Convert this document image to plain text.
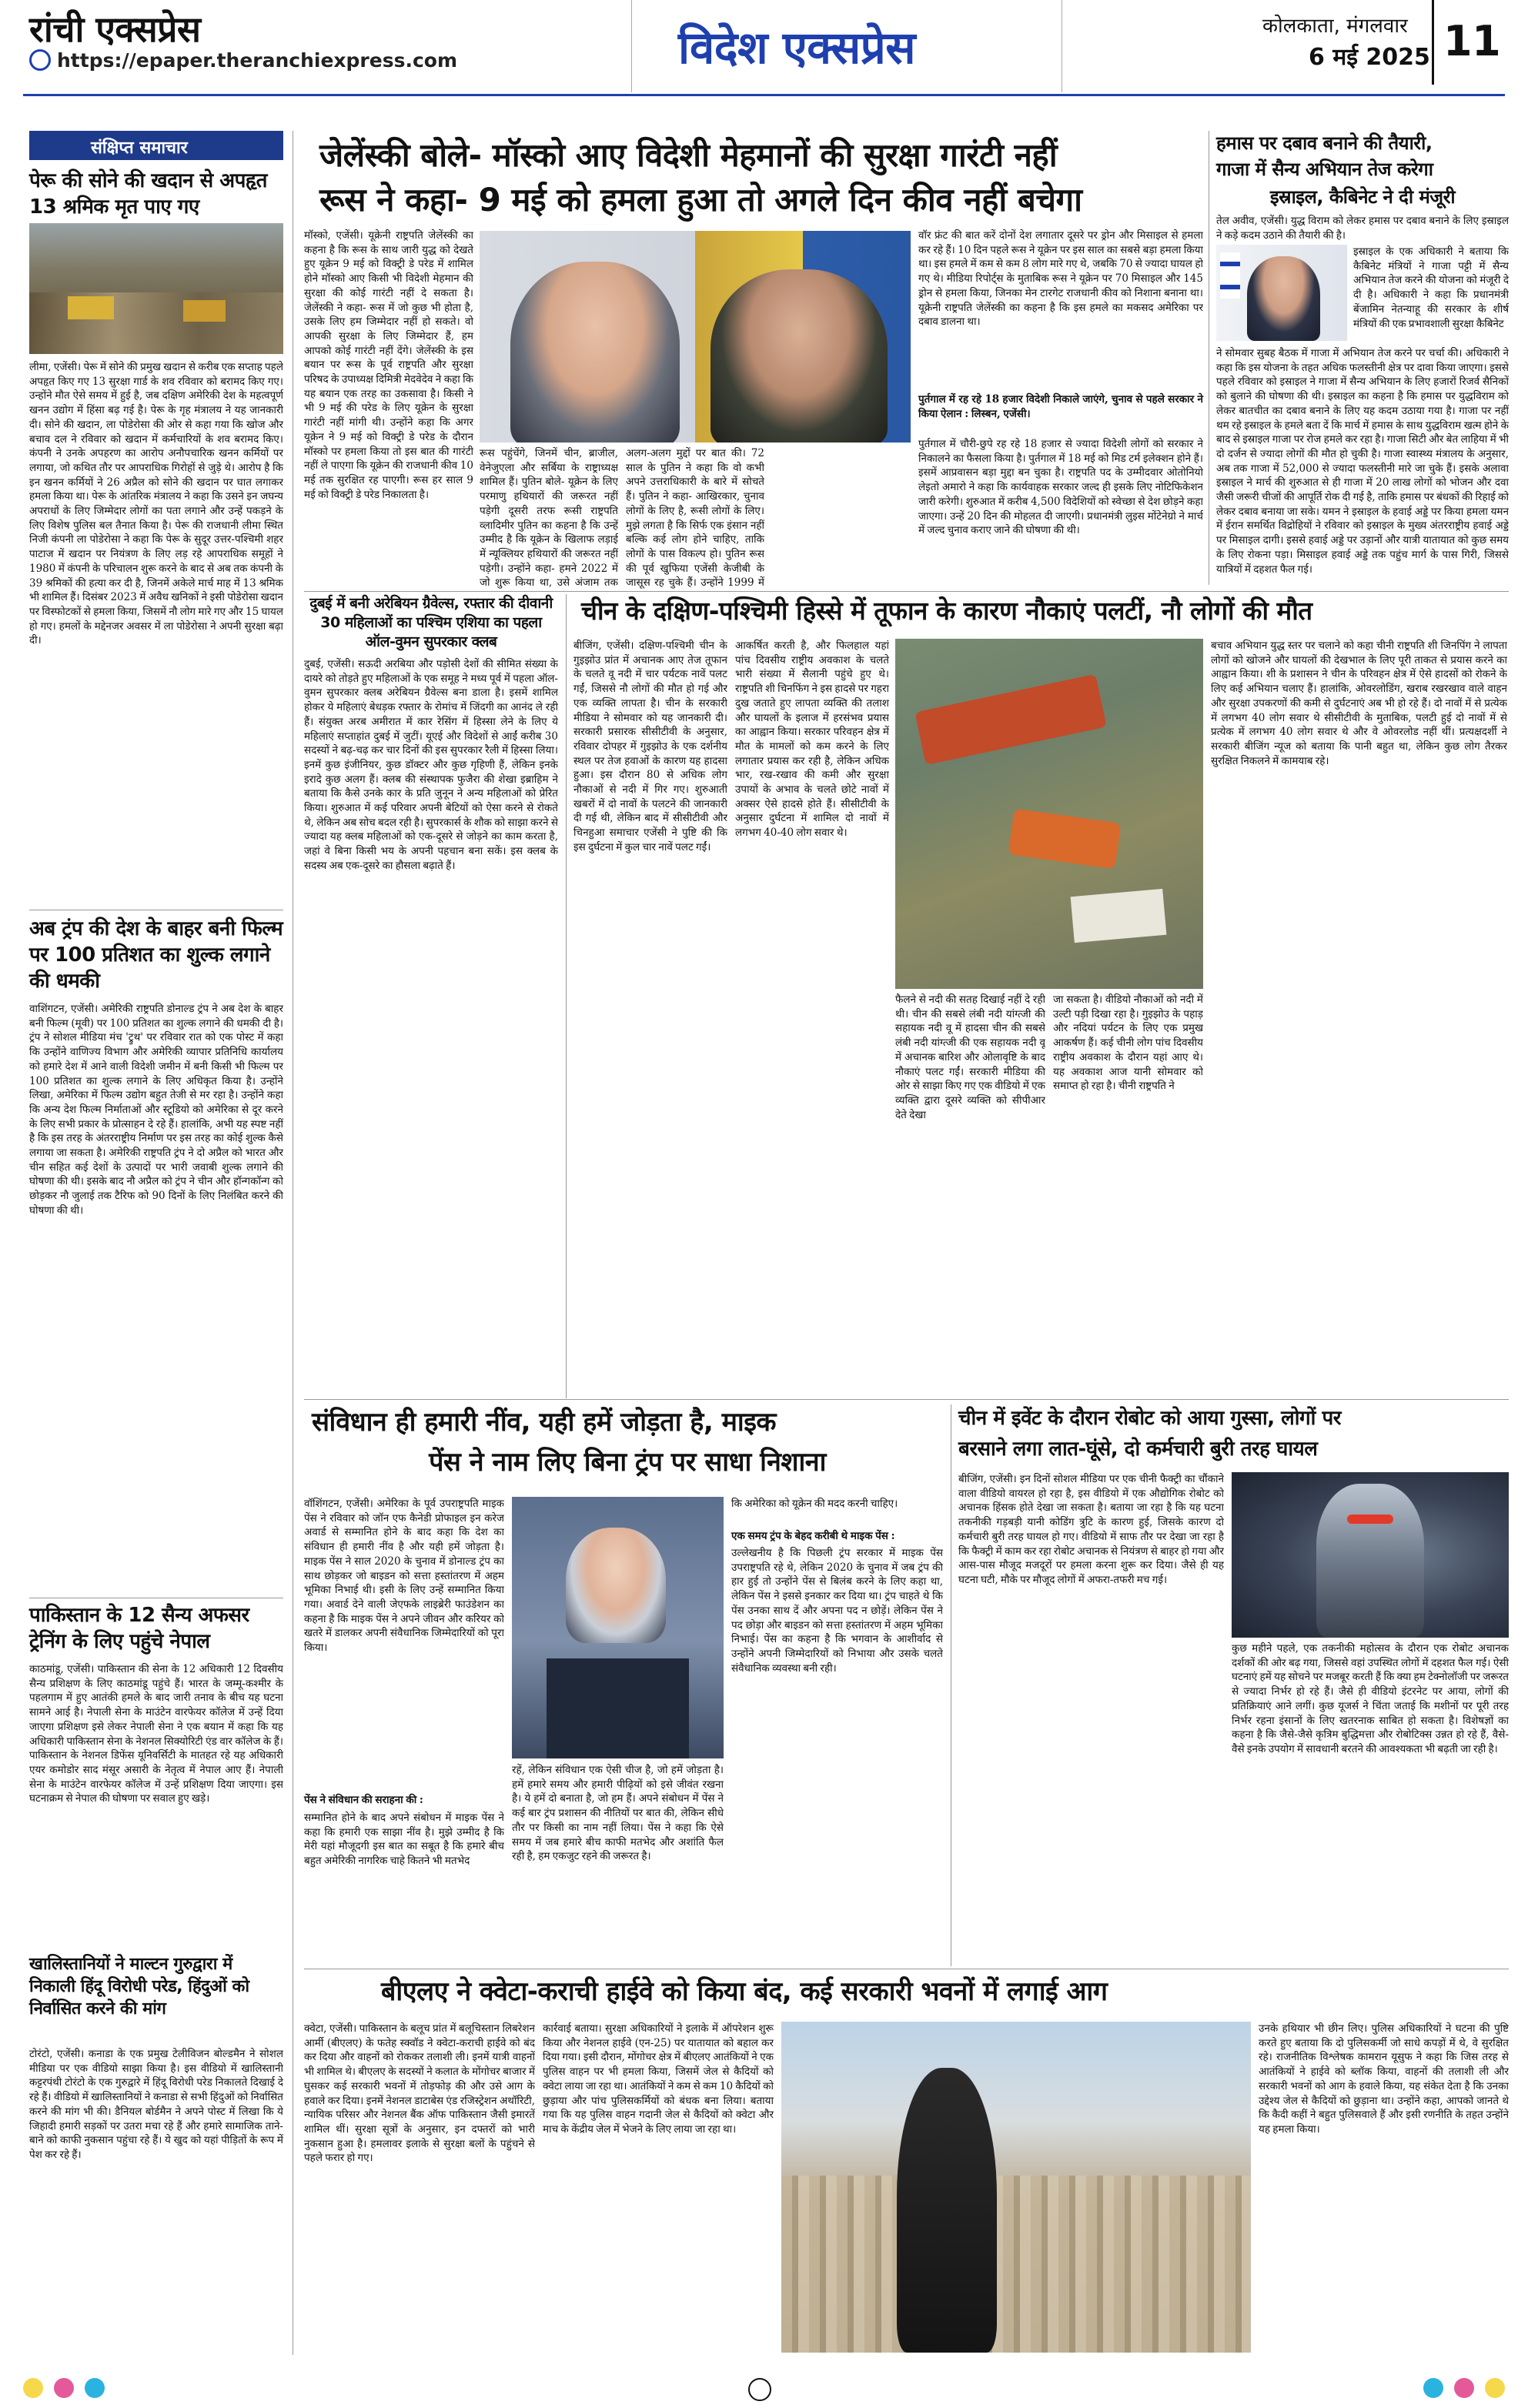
रांची एक्सप्रेस
https://epaper.theranchiexpress.com	विदेश एक्सप्रेस	कोलकाता, मंगलवार
6 मई 2025 11
संक्षिप्त समाचार
पेरू की सोने की खदान से अपहृत 13 श्रमिक मृत पाए गए
लीमा, एजेंसी। पेरू में सोने की प्रमुख खदान से करीब एक सप्ताह पहले अपहृत किए गए 13 सुरक्षा गार्ड के शव रविवार को बरामद किए गए। उन्होंने मौत ऐसे समय में हुई है, जब दक्षिण अमेरिकी देश के महत्वपूर्ण खनन उद्योग में हिंसा बढ़ गई है। पेरू के गृह मंत्रालय ने यह जानकारी दी। सोने की खदान, ला पोडेरोसा की ओर से कहा गया कि खोज और बचाव दल ने रविवार को खदान में कर्मचारियों के शव बरामद किए। कंपनी ने उनके अपहरण का आरोप अनौपचारिक खनन कर्मियों पर लगाया, जो कथित तौर पर आपराधिक गिरोहों से जुड़े थे। आरोप है कि इन खनन कर्मियों ने 26 अप्रैल को सोने की खदान पर घात लगाकर हमला किया था। पेरू के आंतरिक मंत्रालय ने कहा कि उसने इन जघन्य अपराधों के लिए जिम्मेदार लोगों का पता लगाने और उन्हें पकड़ने के लिए विशेष पुलिस बल तैनात किया है। पेरू की राजधानी लीमा स्थित निजी कंपनी ला पोडेरोसा ने कहा कि पेरू के सुदूर उत्तर-पश्चिमी शहर पाटाज में खदान पर नियंत्रण के लिए लड़ रहे आपराधिक समूहों ने 1980 में कंपनी के परिचालन शुरू करने के बाद से अब तक कंपनी के 39 श्रमिकों की हत्या कर दी है, जिनमें अकेले मार्च माह में 13 श्रमिक भी शामिल हैं। दिसंबर 2023 में अवैध खनिकों ने इसी पोडेरोसा खदान पर विस्फोटकों से हमला किया, जिसमें नौ लोग मारे गए और 15 घायल हो गए। हमलों के मद्देनजर अवसर में ला पोडेरोसा ने अपनी सुरक्षा बढ़ा दी।
अब ट्रंप की देश के बाहर बनी फिल्म पर 100 प्रतिशत का शुल्क लगाने की धमकी
वाशिंगटन, एजेंसी। अमेरिकी राष्ट्रपति डोनाल्ड ट्रंप ने अब देश के बाहर बनी फिल्म (मूवी) पर 100 प्रतिशत का शुल्क लगाने की धमकी दी है। ट्रंप ने सोशल मीडिया मंच 'ट्रुथ' पर रविवार रात को एक पोस्ट में कहा कि उन्होंने वाणिज्य विभाग और अमेरिकी व्यापार प्रतिनिधि कार्यालय को हमारे देश में आने वाली विदेशी जमीन में बनी किसी भी फिल्म पर 100 प्रतिशत का शुल्क लगाने के लिए अधिकृत किया है। उन्होंने लिखा, अमेरिका में फिल्म उद्योग बहुत तेजी से मर रहा है। उन्होंने कहा कि अन्य देश फिल्म निर्माताओं और स्टूडियो को अमेरिका से दूर करने के लिए सभी प्रकार के प्रोत्साहन दे रहे हैं। हालांकि, अभी यह स्पष्ट नहीं है कि इस तरह के अंतरराष्ट्रीय निर्माण पर इस तरह का कोई शुल्क कैसे लगाया जा सकता है। अमेरिकी राष्ट्रपति ट्रंप ने दो अप्रैल को भारत और चीन सहित कई देशों के उत्पादों पर भारी जवाबी शुल्क लगाने की घोषणा की थी। इसके बाद नौ अप्रैल को ट्रंप ने चीन और हॉन्गकॉन्ग को छोड़कर नौ जुलाई तक टैरिफ को 90 दिनों के लिए निलंबित करने की घोषणा की थी।
पाकिस्तान के 12 सैन्य अफसर ट्रेनिंग के लिए पहुंचे नेपाल
काठमांडू, एजेंसी। पाकिस्तान की सेना के 12 अधिकारी 12 दिवसीय सैन्य प्रशिक्षण के लिए काठमांडू पहुंचे हैं। भारत के जम्मू-कश्मीर के पहलगाम में हुए आतंकी हमले के बाद जारी तनाव के बीच यह घटना सामने आई है। नेपाली सेना के माउंटेन वारफेयर कॉलेज में उन्हें दिया जाएगा प्रशिक्षण इसे लेकर नेपाली सेना ने एक बयान में कहा कि यह अधिकारी पाकिस्तान सेना के नेशनल सिक्योरिटी एंड वार कॉलेज के हैं। पाकिस्तान के नेशनल डिफेंस यूनिवर्सिटी के मातहत रहे यह अधिकारी एयर कमोडोर साद मंसूर असारी के नेतृत्व में नेपाल आए हैं। नेपाली सेना के माउंटेन वारफेयर कॉलेज में उन्हें प्रशिक्षण दिया जाएगा। इस घटनाक्रम से नेपाल की घोषणा पर सवाल हुए खड़े।
खालिस्तानियों ने माल्टन गुरुद्वारा में निकाली हिंदू विरोधी परेड, हिंदुओं को निर्वासित करने की मांग
टोरंटो, एजेंसी। कनाडा के एक प्रमुख टेलीविजन बोल्डमैन ने सोशल मीडिया पर एक वीडियो साझा किया है। इस वीडियो में खालिस्तानी कट्टरपंथी टोरंटो के एक गुरुद्वारे में हिंदू विरोधी परेड निकालते दिखाई दे रहे हैं। वीडियो में खालिस्तानियों ने कनाडा से सभी हिंदुओं को निर्वासित करने की मांग भी की। डैनियल बोर्डमैन ने अपने पोस्ट में लिखा कि ये जिहादी हमारी सड़कों पर उतरा मचा रहे हैं और हमारे सामाजिक ताने-बाने को काफी नुकसान पहुंचा रहे हैं। ये खुद को यहां पीड़ितों के रूप में पेश कर रहे हैं।
जेलेंस्की बोले- मॉस्को आए विदेशी मेहमानों की सुरक्षा गारंटी नहीं
रूस ने कहा- 9 मई को हमला हुआ तो अगले दिन कीव नहीं बचेगा
मॉस्को, एजेंसी। यूक्रेनी राष्ट्रपति जेलेंस्की का कहना है कि रूस के साथ जारी युद्ध को देखते हुए यूक्रेन 9 मई को विक्ट्री डे परेड में शामिल होने मॉस्को आए किसी भी विदेशी मेहमान की सुरक्षा की कोई गारंटी नहीं दे सकता है। जेलेंस्की ने कहा- रूस में जो कुछ भी होता है, उसके लिए हम जिम्मेदार नहीं हो सकते। वो आपकी सुरक्षा के लिए जिम्मेदार हैं, हम आपको कोई गारंटी नहीं देंगे। जेलेंस्की के इस बयान पर रूस के पूर्व राष्ट्रपति और सुरक्षा परिषद के उपाध्यक्ष दिमित्री मेदवेदेव ने कहा कि यह बयान एक तरह का उकसावा है। किसी ने भी 9 मई की परेड के लिए यूक्रेन के सुरक्षा गारंटी नहीं मांगी थी। उन्होंने कहा कि अगर यूक्रेन ने 9 मई को विक्ट्री डे परेड के दौरान मॉस्को पर हमला किया तो इस बात की गारंटी नहीं ले पाएगा कि यूक्रेन की राजधानी कीव 10 मई तक सुरक्षित रह पाएगी। रूस हर साल 9 मई को विक्ट्री डे परेड निकालता है।
रूस पहुंचेंगे, जिनमें चीन, ब्राजील, वेनेजुएला और सर्बिया के राष्ट्राध्यक्ष शामिल हैं। पुतिन बोले- यूक्रेन के लिए परमाणु हथियारों की जरूरत नहीं पड़ेगी दूसरी तरफ रूसी राष्ट्रपति व्लादिमीर पुतिन का कहना है कि उन्हें उम्मीद है कि यूक्रेन के खिलाफ लड़ाई में न्यूक्लियर हथियारों की जरूरत नहीं पड़ेगी। उन्होंने कहा- हमने 2022 में जो शुरू किया था, उसे अंजाम तक
अलग-अलग मुद्दों पर बात की। 72 साल के पुतिन ने कहा कि वो कभी अपने उत्तराधिकारी के बारे में सोचते हैं। पुतिन ने कहा- आखिरकार, चुनाव लोगों के लिए है, रूसी लोगों के लिए। मुझे लगता है कि सिर्फ एक इंसान नहीं बल्कि कई लोग होने चाहिए, ताकि लोगों के पास विकल्प हो। पुतिन रूस की पूर्व खुफिया एजेंसी केजीबी के जासूस रह चुके हैं। उन्होंने 1999 में
वॉर फ्रंट की बात करें दोनों देश लगातार दूसरे पर ड्रोन और मिसाइल से हमला कर रहे हैं। 10 दिन पहले रूस ने यूक्रेन पर इस साल का सबसे बड़ा हमला किया था। इस हमले में कम से कम 8 लोग मारे गए थे, जबकि 70 से ज्यादा घायल हो गए थे। मीडिया रिपोर्ट्स के मुताबिक रूस ने यूक्रेन पर 70 मिसाइल और 145 ड्रोन से हमला किया, जिनका मेन टारगेट राजधानी कीव को निशाना बनाना था। यूक्रेनी राष्ट्रपति जेलेंस्की का कहना है कि इस हमले का मकसद अमेरिका पर दबाव डालना था।
पुर्तगाल में रह रहे 18 हजार विदेशी निकाले जाएंगे, चुनाव से पहले सरकार ने किया ऐलान : लिस्बन, एजेंसी।
पुर्तगाल में चौरी-छुपे रह रहे 18 हजार से ज्यादा विदेशी लोगों को सरकार ने निकालने का फैसला किया है। पुर्तगाल में 18 मई को मिड टर्म इलेक्शन होने हैं। इसमें आप्रवासन बड़ा मुद्दा बन चुका है। राष्ट्रपति पद के उम्मीदवार ओतोनियो लेइतो अमारो ने कहा कि कार्यवाहक सरकार जल्द ही इसके लिए नोटिफिकेशन जारी करेगी। शुरुआत में करीब 4,500 विदेशियों को स्वेच्छा से देश छोड़ने कहा जाएगा। उन्हें 20 दिन की मोहलत दी जाएगी। प्रधानमंत्री लुइस मोंटेनेग्रो ने मार्च में जल्द चुनाव कराए जाने की घोषणा की थी।
हमास पर दबाव बनाने की तैयारी,
गाजा में सैन्य अभियान तेज करेगा
इस्राइल, कैबिनेट ने दी मंजूरी
तेल अवीव, एजेंसी। युद्ध विराम को लेकर हमास पर दबाव बनाने के लिए इस्राइल ने कड़े कदम उठाने की तैयारी की है।
इस्राइल के एक अधिकारी ने बताया कि कैबिनेट मंत्रियों ने गाजा पट्टी में सैन्य अभियान तेज करने की योजना को मंजूरी दे दी है। अधिकारी ने कहा कि प्रधानमंत्री बेंजामिन नेतन्याहू की सरकार के शीर्ष मंत्रियों की एक प्रभावशाली सुरक्षा कैबिनेट
ने सोमवार सुबह बैठक में गाजा में अभियान तेज करने पर चर्चा की। अधिकारी ने कहा कि इस योजना के तहत अधिक फलस्तीनी क्षेत्र पर दावा किया जाएगा। इससे पहले रविवार को इस्राइल ने गाजा में सैन्य अभियान के लिए हजारों रिजर्व सैनिकों को बुलाने की घोषणा की थी। इस्राइल का कहना है कि हमास पर युद्धविराम को लेकर बातचीत का दबाव बनाने के लिए यह कदम उठाया गया है। गाजा पर नहीं थम रहे इस्राइल के हमले बता दें कि मार्च में हमास के साथ युद्धविराम खत्म होने के बाद से इस्राइल गाजा पर रोज हमले कर रहा है। गाजा सिटी और बेत लाहिया में भी दो दर्जन से ज्यादा लोगों की मौत हो चुकी है। गाजा स्वास्थ्य मंत्रालय के अनुसार, अब तक गाजा में 52,000 से ज्यादा फलस्तीनी मारे जा चुके हैं। इसके अलावा इस्राइल ने मार्च की शुरुआत से ही गाजा में 20 लाख लोगों को भोजन और दवा जैसी जरूरी चीजों की आपूर्ति रोक दी गई है, ताकि हमास पर बंधकों की रिहाई को लेकर दबाव बनाया जा सके। यमन ने इस्राइल के हवाई अड्डे पर किया हमला यमन में ईरान समर्थित विद्रोहियों ने रविवार को इस्राइल के मुख्य अंतरराष्ट्रीय हवाई अड्डे पर मिसाइल दागी। इससे हवाई अड्डे पर उड़ानों और यात्री यातायात को कुछ समय के लिए रोकना पड़ा। मिसाइल हवाई अड्डे तक पहुंच मार्ग के पास गिरी, जिससे यात्रियों में दहशत फैल गई।
दुबई में बनी अरेबियन ग्रैवेल्स, रफ्तार की दीवानी 30 महिलाओं का पश्चिम एशिया का पहला ऑल-वुमन सुपरकार क्लब
दुबई, एजेंसी। सऊदी अरबिया और पड़ोसी देशों की सीमित संख्या के दायरे को तोड़ते हुए महिलाओं के एक समूह ने मध्य पूर्व में पहला ऑल-वुमन सुपरकार क्लब अरेबियन ग्रैवेल्स बना डाला है। इसमें शामिल होकर ये महिलाएं बेधड़क रफ्तार के रोमांच में जिंदगी का आनंद ले रही हैं। संयुक्त अरब अमीरात में कार रेसिंग में हिस्सा लेने के लिए ये महिलाएं सप्ताहांत दुबई में जुटीं। यूएई और विदेशों से आईं करीब 30 सदस्यों ने बढ़-चढ़ कर चार दिनों की इस सुपरकार रैली में हिस्सा लिया। इनमें कुछ इंजीनियर, कुछ डॉक्टर और कुछ गृहिणी हैं, लेकिन इनके इरादे कुछ अलग हैं। क्लब की संस्थापक फुजैरा की शेखा इब्राहिम ने बताया कि कैसे उनके कार के प्रति जुनून ने अन्य महिलाओं को प्रेरित किया। शुरुआत में कई परिवार अपनी बेटियों को ऐसा करने से रोकते थे, लेकिन अब सोच बदल रही है। सुपरकार्स के शौक को साझा करने से ज्यादा यह क्लब महिलाओं को एक-दूसरे से जोड़ने का काम करता है, जहां वे बिना किसी भय के अपनी पहचान बना सकें। इस क्लब के सदस्य अब एक-दूसरे का हौसला बढ़ाते हैं।
चीन के दक्षिण-पश्चिमी हिस्से में तूफान के कारण नौकाएं पलटीं, नौ लोगों की मौत
बीजिंग, एजेंसी। दक्षिण-पश्चिमी चीन के गुइझोउ प्रांत में अचानक आए तेज तूफान के चलते वू नदी में चार पर्यटक नावें पलट गईं, जिससे नौ लोगों की मौत हो गई और एक व्यक्ति लापता है। चीन के सरकारी मीडिया ने सोमवार को यह जानकारी दी। सरकारी प्रसारक सीसीटीवी के अनुसार, रविवार दोपहर में गुइझोउ के एक दर्शनीय स्थल पर तेज हवाओं के कारण यह हादसा हुआ। इस दौरान 80 से अधिक लोग नौकाओं से नदी में गिर गए। शुरुआती खबरों में दो नावों के पलटने की जानकारी दी गई थी, लेकिन बाद में सीसीटीवी और चिनहुआ समाचार एजेंसी ने पुष्टि की कि इस दुर्घटना में कुल चार नावें पलट गईं।
आकर्षित करती है, और फिलहाल यहां पांच दिवसीय राष्ट्रीय अवकाश के चलते भारी संख्या में सैलानी पहुंचे हुए थे। राष्ट्रपति शी चिनफिंग ने इस हादसे पर गहरा दुख जताते हुए लापता व्यक्ति की तलाश और घायलों के इलाज में हरसंभव प्रयास का आह्वान किया। सरकार परिवहन क्षेत्र में मौत के मामलों को कम करने के लिए लगातार प्रयास कर रही है, लेकिन अधिक भार, रख-रखाव की कमी और सुरक्षा उपायों के अभाव के चलते छोटे नावों में अक्सर ऐसे हादसे होते हैं। सीसीटीवी के अनुसार दुर्घटना में शामिल दो नावों में लगभग 40-40 लोग सवार थे।
फैलने से नदी की सतह दिखाई नहीं दे रही थी। चीन की सबसे लंबी नदी यांग्त्जी की सहायक नदी वू में हादसा चीन की सबसे लंबी नदी यांग्त्जी की एक सहायक नदी वू में अचानक बारिश और ओलावृष्टि के बाद नौकाएं पलट गईं। सरकारी मीडिया की ओर से साझा किए गए एक वीडियो में एक व्यक्ति द्वारा दूसरे व्यक्ति को सीपीआर देते देखा
जा सकता है। वीडियो नौकाओं को नदी में उल्टी पड़ी दिखा रहा है। गुइझोउ के पहाड़ और नदियां पर्यटन के लिए एक प्रमुख आकर्षण हैं। कई चीनी लोग पांच दिवसीय राष्ट्रीय अवकाश के दौरान यहां आए थे। यह अवकाश आज यानी सोमवार को समाप्त हो रहा है। चीनी राष्ट्रपति ने
बचाव अभियान युद्ध स्तर पर चलाने को कहा चीनी राष्ट्रपति शी जिनपिंग ने लापता लोगों को खोजने और घायलों की देखभाल के लिए पूरी ताकत से प्रयास करने का आह्वान किया। शी के प्रशासन ने चीन के परिवहन क्षेत्र में ऐसे हादसों को रोकने के लिए कई अभियान चलाए हैं। हालांकि, ओवरलोडिंग, खराब रखरखाव वाले वाहन और सुरक्षा उपकरणों की कमी से दुर्घटनाएं अब भी हो रहे हैं। दो नावों में से प्रत्येक में लगभग 40 लोग सवार थे सीसीटीवी के मुताबिक, पलटी हुई दो नावों में से प्रत्येक में लगभग 40 लोग सवार थे और वे ओवरलोड नहीं थीं। प्रत्यक्षदर्शी ने सरकारी बीजिंग न्यूज को बताया कि पानी बहुत था, लेकिन कुछ लोग तैरकर सुरक्षित निकलने में कामयाब रहे।
संविधान ही हमारी नींव, यही हमें जोड़ता है, माइक
पेंस ने नाम लिए बिना ट्रंप पर साधा निशाना
वॉशिंगटन, एजेंसी। अमेरिका के पूर्व उपराष्ट्रपति माइक पेंस ने रविवार को जॉन एफ कैनेडी प्रोफाइल इन करेज अवार्ड से सम्मानित होने के बाद कहा कि देश का संविधान ही हमारी नींव है और यही हमें जोड़ता है। माइक पेंस ने साल 2020 के चुनाव में डोनाल्ड ट्रंप का साथ छोड़कर जो बाइडन को सत्ता हस्तांतरण में अहम भूमिका निभाई थी। इसी के लिए उन्हें सम्मानित किया गया। अवार्ड देने वाली जेएफके लाइब्रेरी फाउंडेशन का कहना है कि माइक पेंस ने अपने जीवन और करियर को खतरे में डालकर अपनी संवैधानिक जिम्मेदारियों को पूरा किया।
पेंस ने संविधान की सराहना की :
सम्मानित होने के बाद अपने संबोधन में माइक पेंस ने कहा कि हमारी एक साझा नींव है। मुझे उम्मीद है कि मेरी यहां मौजूदगी इस बात का सबूत है कि हमारे बीच बहुत अमेरिकी नागरिक चाहे कितने भी मतभेद
रहें, लेकिन संविधान एक ऐसी चीज है, जो हमें जोड़ता है। हमें हमारे समय और हमारी पीढ़ियों को इसे जीवंत रखना है। ये हमें दो बनाता है, जो हम हैं। अपने संबोधन में पेंस ने कई बार ट्रंप प्रशासन की नीतियों पर बात की, लेकिन सीधे तौर पर किसी का नाम नहीं लिया। पेंस ने कहा कि ऐसे समय में जब हमारे बीच काफी मतभेद और अशांति फैल रही है, हम एकजुट रहने की जरूरत है।
कि अमेरिका को यूक्रेन की मदद करनी चाहिए।
एक समय ट्रंप के बेहद करीबी थे माइक पेंस :
उल्लेखनीय है कि पिछली ट्रंप सरकार में माइक पेंस उपराष्ट्रपति रहे थे, लेकिन 2020 के चुनाव में जब ट्रंप की हार हुई तो उन्होंने पेंस से बिलंब करने के लिए कहा था, लेकिन पेंस ने इससे इनकार कर दिया था। ट्रंप चाहते थे कि पेंस उनका साथ दें और अपना पद न छोड़ें। लेकिन पेंस ने पद छोड़ा और बाइडन को सत्ता हस्तांतरण में अहम भूमिका निभाई। पेंस का कहना है कि भगवान के आशीर्वाद से उन्होंने अपनी जिम्मेदारियों को निभाया और उसके चलते संवैधानिक व्यवस्था बनी रही।
चीन में इवेंट के दौरान रोबोट को आया गुस्सा, लोगों पर
बरसाने लगा लात-घूंसे, दो कर्मचारी बुरी तरह घायल
बीजिंग, एजेंसी। इन दिनों सोशल मीडिया पर एक चीनी फैक्ट्री का चौंकाने वाला वीडियो वायरल हो रहा है, इस वीडियो में एक औद्योगिक रोबोट को अचानक हिंसक होते देखा जा सकता है। बताया जा रहा है कि यह घटना तकनीकी गड़बड़ी यानी कोडिंग त्रुटि के कारण हुई, जिसके कारण दो कर्मचारी बुरी तरह घायल हो गए। वीडियो में साफ तौर पर देखा जा रहा है कि फैक्ट्री में काम कर रहा रोबोट अचानक से नियंत्रण से बाहर हो गया और आस-पास मौजूद मजदूरों पर हमला करना शुरू कर दिया। जैसे ही यह घटना घटी, मौके पर मौजूद लोगों में अफरा-तफरी मच गई।
कुछ महीने पहले, एक तकनीकी महोत्सव के दौरान एक रोबोट अचानक दर्शकों की ओर बढ़ गया, जिससे वहां उपस्थित लोगों में दहशत फैल गई। ऐसी घटनाएं हमें यह सोचने पर मजबूर करती हैं कि क्या हम टेक्नोलॉजी पर जरूरत से ज्यादा निर्भर हो रहे हैं। जैसे ही वीडियो इंटरनेट पर आया, लोगों की प्रतिक्रियाएं आने लगीं। कुछ यूजर्स ने चिंता जताई कि मशीनों पर पूरी तरह निर्भर रहना इंसानों के लिए खतरनाक साबित हो सकता है। विशेषज्ञों का कहना है कि जैसे-जैसे कृत्रिम बुद्धिमत्ता और रोबोटिक्स उन्नत हो रहे हैं, वैसे-वैसे इनके उपयोग में सावधानी बरतने की आवश्यकता भी बढ़ती जा रही है।
बीएलए ने क्वेटा-कराची हाईवे को किया बंद, कई सरकारी भवनों में लगाई आग
क्वेटा, एजेंसी। पाकिस्तान के बलूच प्रांत में बलूचिस्तान लिबरेशन आर्मी (बीएलए) के फतेह स्क्वॉड ने क्वेटा-कराची हाईवे को बंद कर दिया और वाहनों को रोककर तलाशी ली। इनमें यात्री वाहनों भी शामिल थे। बीएलए के सदस्यों ने कलात के मोंगोचर बाजार में घुसकर कई सरकारी भवनों में तोड़फोड़ की और उसे आग के हवाले कर दिया। इनमें नेशनल डाटाबेस एंड रजिस्ट्रेशन अथॉरिटी, न्यायिक परिसर और नेशनल बैंक ऑफ पाकिस्तान जैसी इमारतें शामिल थीं। सुरक्षा सूत्रों के अनुसार, इन दफ्तरों को भारी नुकसान हुआ है। हमलावर इलाके से सुरक्षा बलों के पहुंचने से पहले फरार हो गए।
कार्रवाई बताया। सुरक्षा अधिकारियों ने इलाके में ऑपरेशन शुरू किया और नेशनल हाईवे (एन-25) पर यातायात को बहाल कर दिया गया। इसी दौरान, मोंगोचर क्षेत्र में बीएलए आतंकियों ने एक पुलिस वाहन पर भी हमला किया, जिसमें जेल से कैदियों को क्वेटा लाया जा रहा था। आतंकियों ने कम से कम 10 कैदियों को छुड़ाया और पांच पुलिसकर्मियों को बंधक बना लिया। बताया गया कि यह पुलिस वाहन गदानी जेल से कैदियों को क्वेटा और माच के केंद्रीय जेल में भेजने के लिए लाया जा रहा था।
उनके हथियार भी छीन लिए। पुलिस अधिकारियों ने घटना की पुष्टि करते हुए बताया कि दो पुलिसकर्मी जो साधे कपड़ों में थे, वे सुरक्षित रहे। राजनीतिक विश्लेषक कामरान यूसुफ ने कहा कि जिस तरह से आतंकियों ने हाईवे को ब्लॉक किया, वाहनों की तलाशी ली और सरकारी भवनों को आग के हवाले किया, यह संकेत देता है कि उनका उद्देश्य जेल से कैदियों को छुड़ाना था। उन्होंने कहा, आपको जानते थे कि कैदी कहीं ने बहुत पुलिसवाले हैं और इसी रणनीति के तहत उन्होंने यह हमला किया।
